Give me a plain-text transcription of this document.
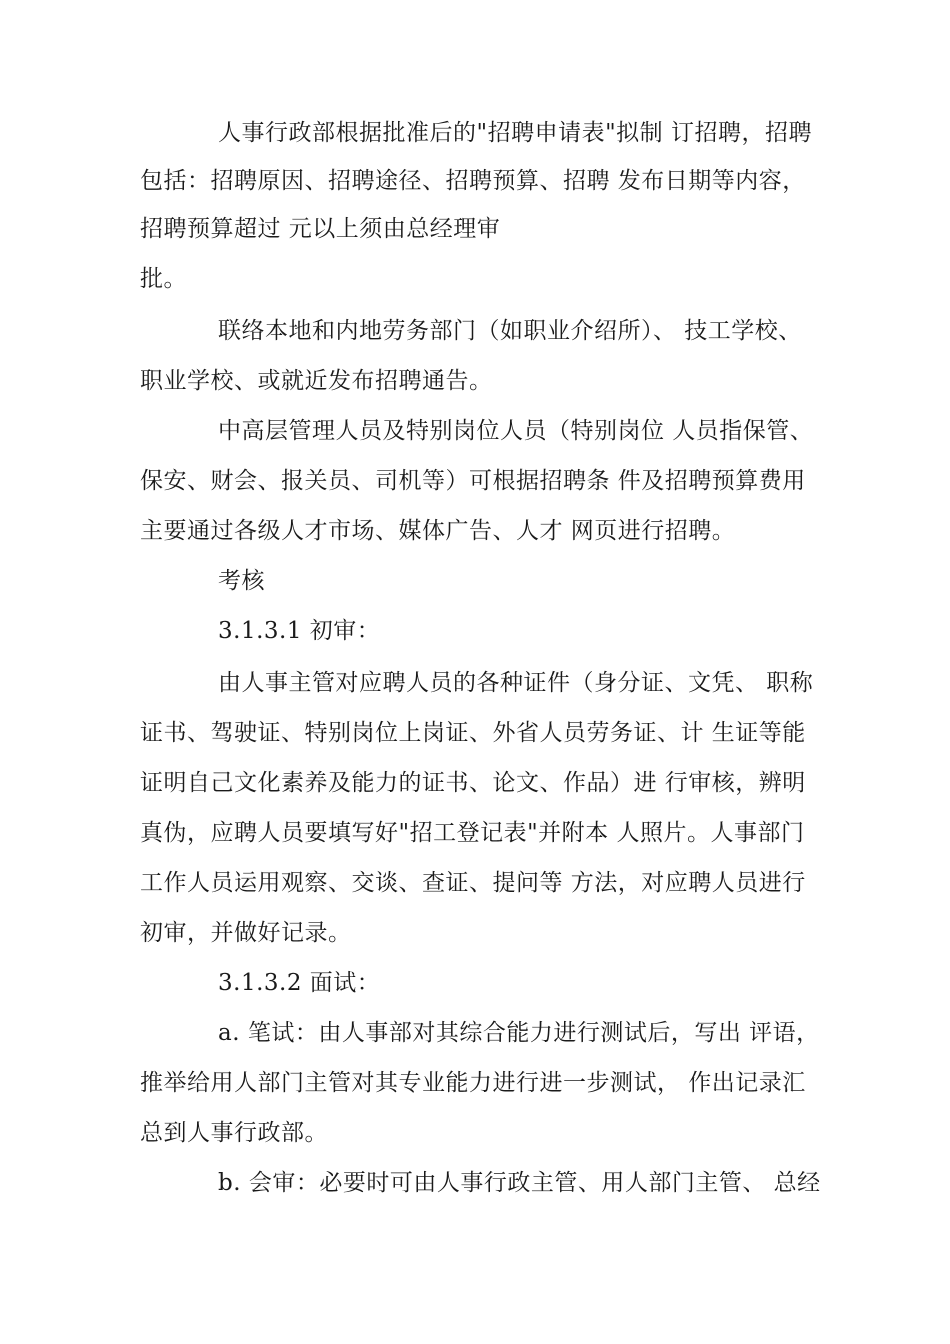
人事行政部根据批准后的"招聘申请表"拟制 订招聘，招聘
包括：招聘原因、招聘途径、招聘预算、招聘 发布日期等内容，
招聘预算超过 元以上须由总经理审
批。
联络本地和内地劳务部门（如职业介绍所）、 技工学校、
职业学校、或就近发布招聘通告。
中高层管理人员及特别岗位人员（特别岗位 人员指保管、
保安、财会、报关员、司机等）可根据招聘条 件及招聘预算费用
主要通过各级人才市场、媒体广告、人才 网页进行招聘。
考核
3.1.3.1 初审：
由人事主管对应聘人员的各种证件（身分证、文凭、 职称
证书、驾驶证、特别岗位上岗证、外省人员劳务证、计 生证等能
证明自己文化素养及能力的证书、论文、作品）进 行审核，辨明
真伪，应聘人员要填写好"招工登记表"并附本 人照片。人事部门
工作人员运用观察、交谈、查证、提问等 方法，对应聘人员进行
初审，并做好记录。
3.1.3.2 面试：
a. 笔试：由人事部对其综合能力进行测试后，写出 评语，
推举给用人部门主管对其专业能力进行进一步测试， 作出记录汇
总到人事行政部。
b. 会审：必要时可由人事行政主管、用人部门主管、 总经
